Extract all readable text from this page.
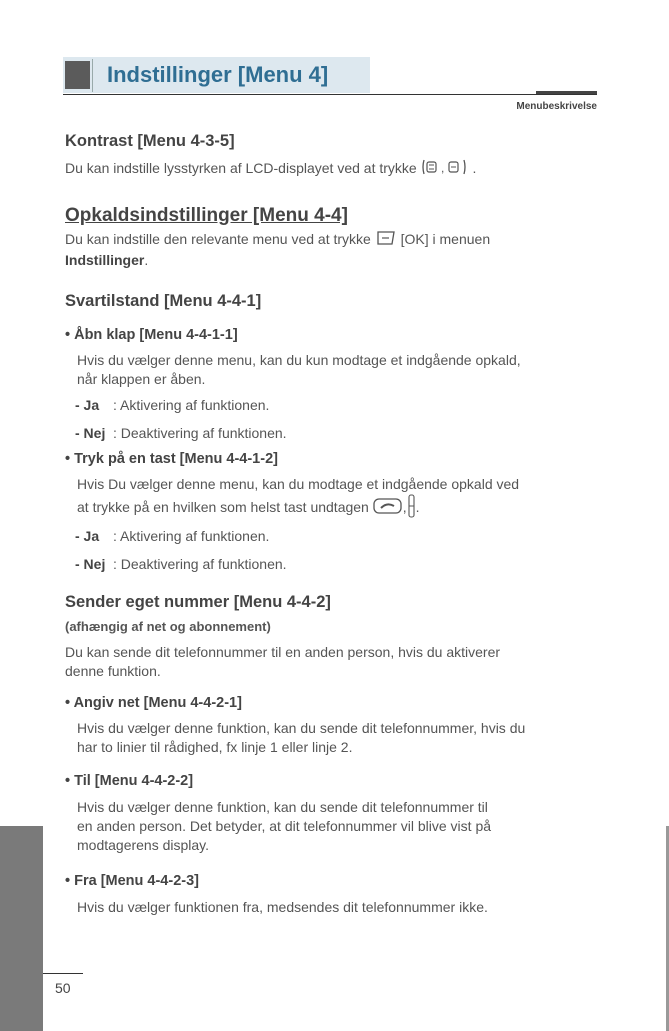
Indstillinger [Menu 4]
Menubeskrivelse
Kontrast [Menu 4-3-5]
Du kan indstille lysstyrken af LCD-displayet ved at trykke , .
Opkaldsindstillinger [Menu 4-4]
Du kan indstille den relevante menu ved at trykke [OK] i menuen
Indstillinger.
Svartilstand [Menu 4-4-1]
• Åbn klap [Menu 4-4-1-1]
Hvis du vælger denne menu, kan du kun modtage et indgående opkald,
når klappen er åben.
- Ja : Aktivering af funktionen.
- Nej : Deaktivering af funktionen.
• Tryk på en tast [Menu 4-4-1-2]
Hvis Du vælger denne menu, kan du modtage et indgående opkald ved
at trykke på en hvilken som helst tast undtagen , .
- Ja : Aktivering af funktionen.
- Nej : Deaktivering af funktionen.
Sender eget nummer [Menu 4-4-2]
(afhængig af net og abonnement)
Du kan sende dit telefonnummer til en anden person, hvis du aktiverer
denne funktion.
• Angiv net [Menu 4-4-2-1]
Hvis du vælger denne funktion, kan du sende dit telefonnummer, hvis du
har to linier til rådighed, fx linje 1 eller linje 2.
• Til [Menu 4-4-2-2]
Hvis du vælger denne funktion, kan du sende dit telefonnummer til
en anden person. Det betyder, at dit telefonnummer vil blive vist på
modtagerens display.
• Fra [Menu 4-4-2-3]
Hvis du vælger funktionen fra, medsendes dit telefonnummer ikke.
50
